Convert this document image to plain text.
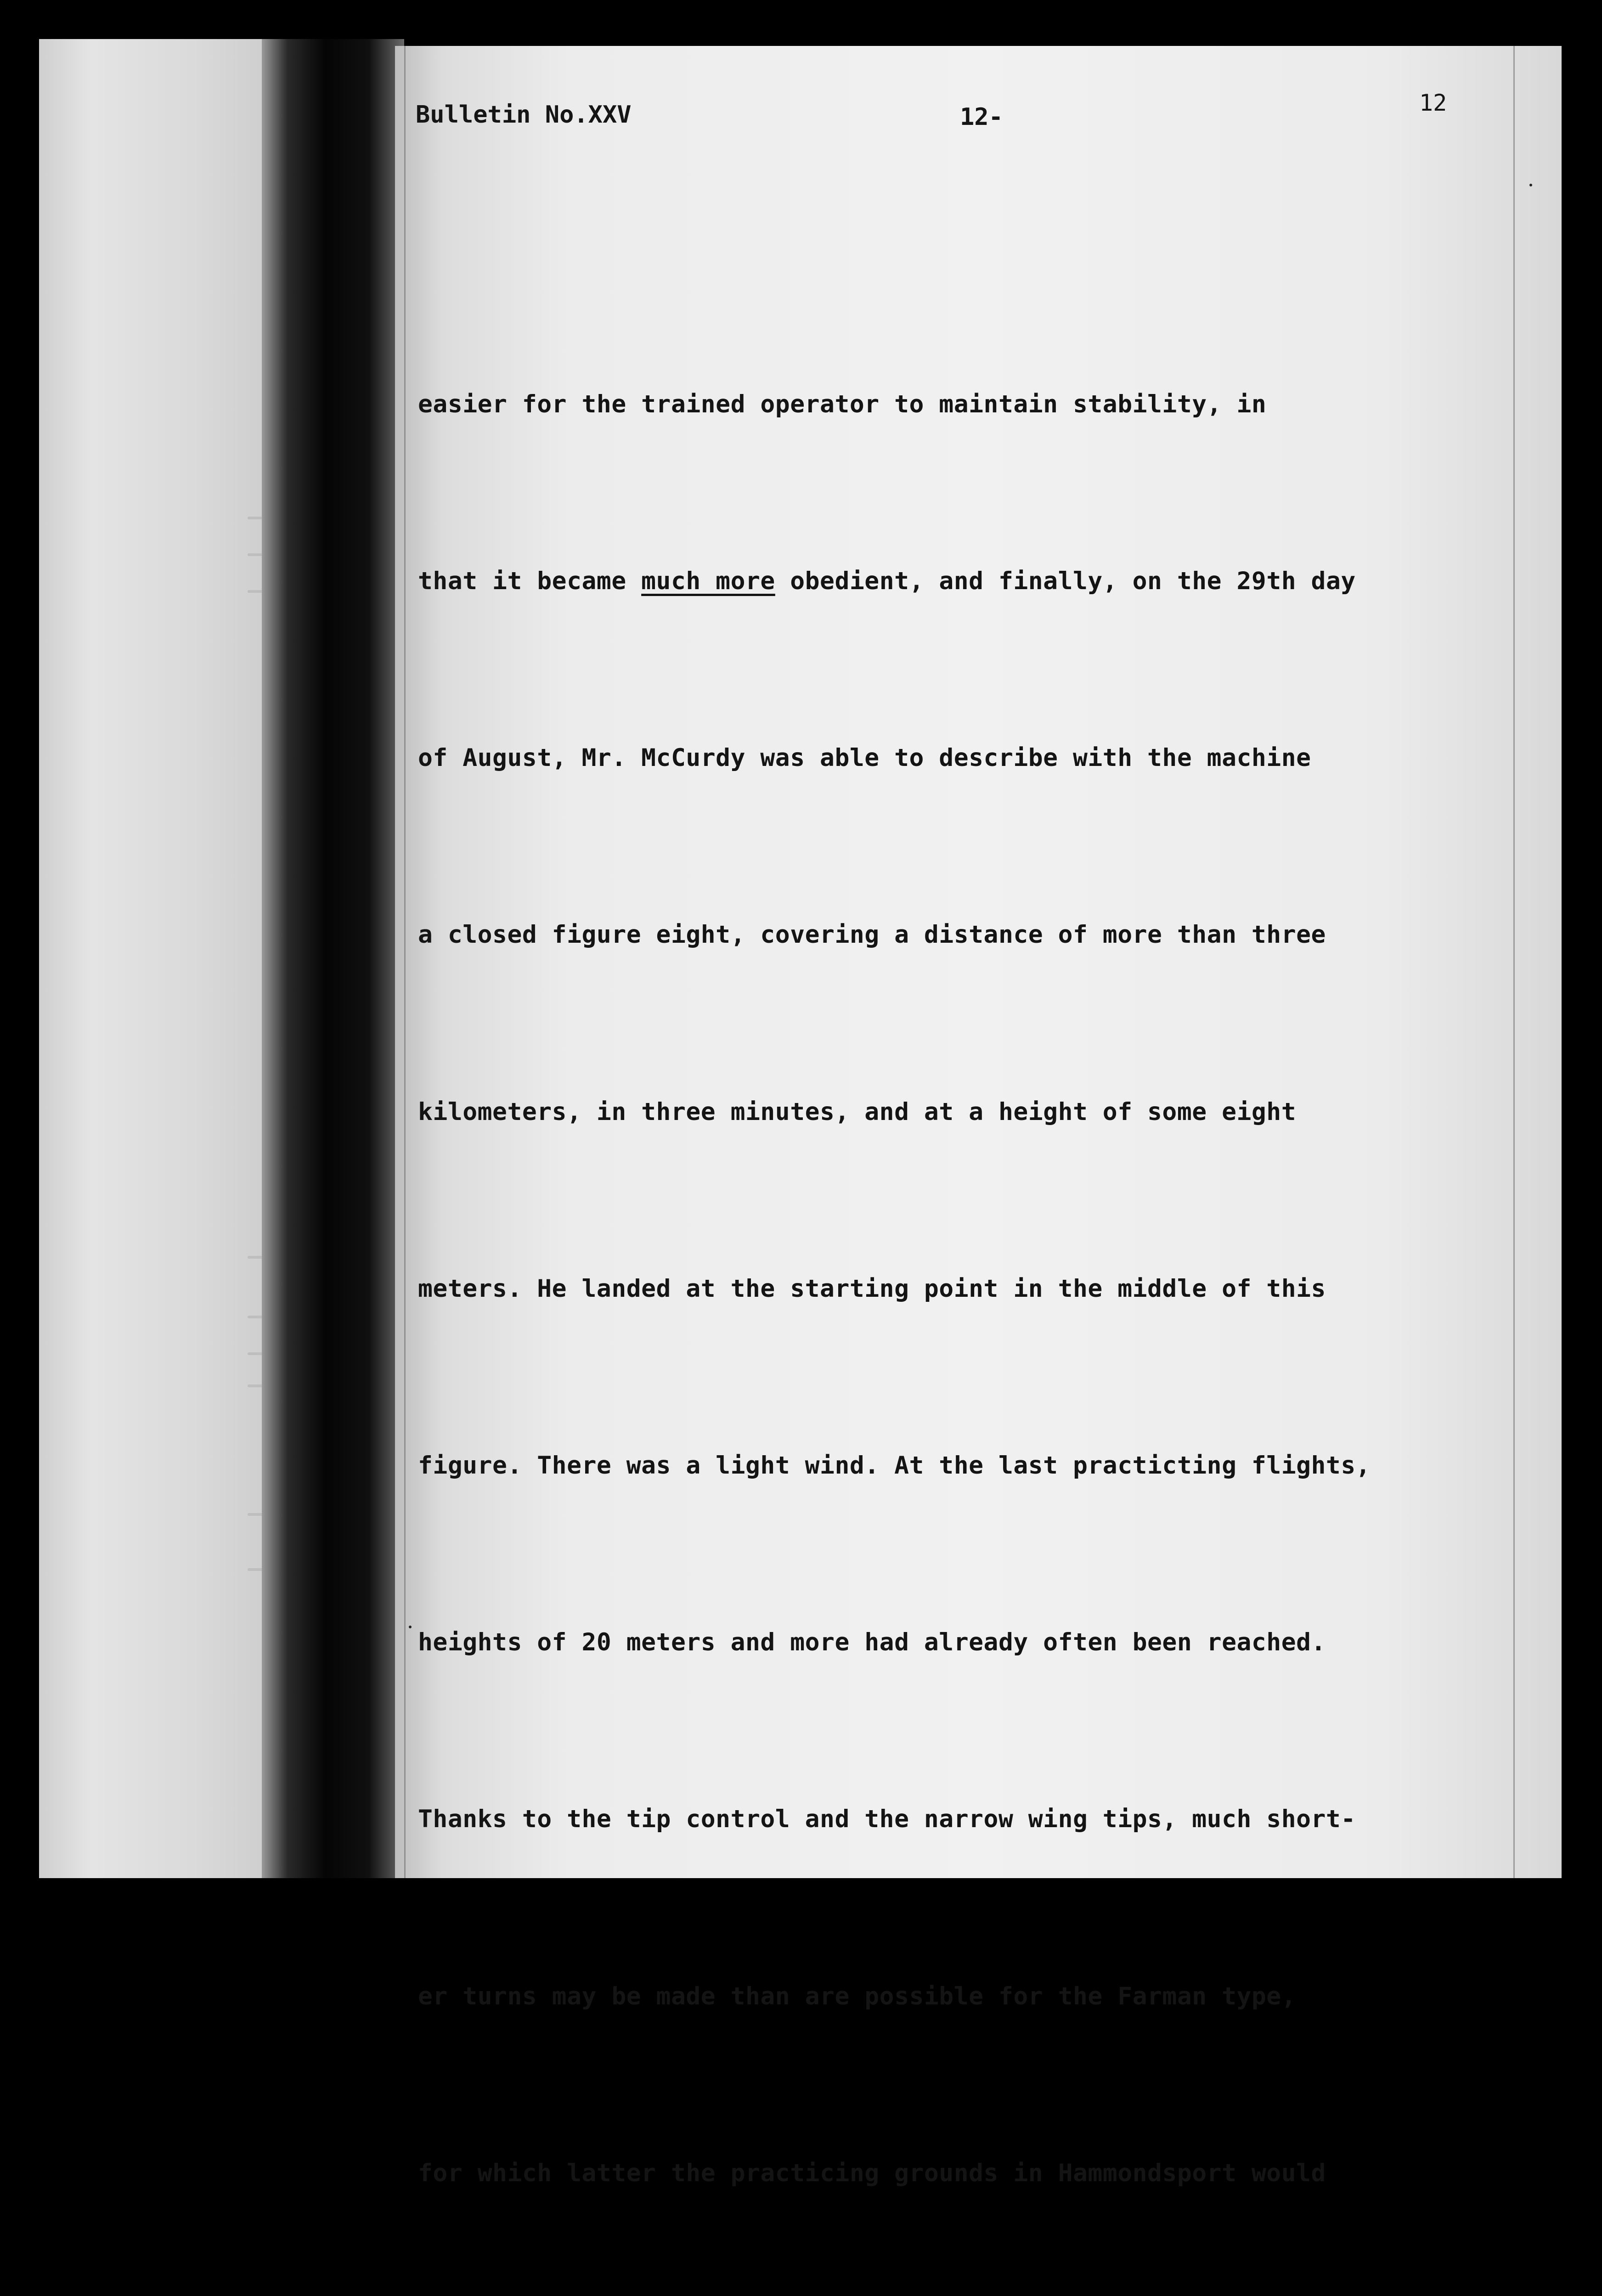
Bulletin No.XXV	12-
12

easier for the trained operator to maintain stability, in

that it became much more obedient, and finally, on the 29th day

of August, Mr. McCurdy was able to describe with the machine

a closed figure eight, covering a distance of more than three

kilometers, in three minutes, and at a height of some eight

meters. He landed at the starting point in the middle of this

figure. There was a light wind. At the last practicting flights,

heights of 20 meters and more had already often been reached.

Thanks to the tip control and the narrow wing tips, much short-

er turns may be made than are possible for the Farman type,

for which latter the practicing grounds in Hammondsport would
